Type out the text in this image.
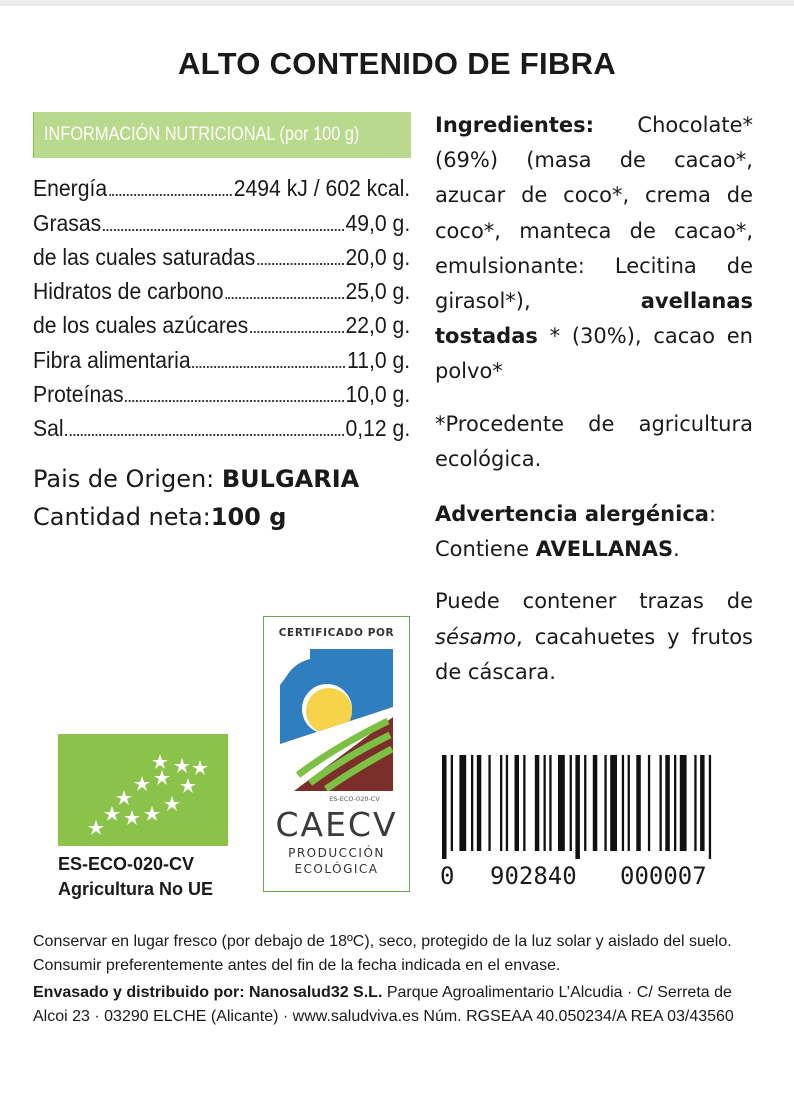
ALTO CONTENIDO DE FIBRA
INFORMACIÓN NUTRICIONAL (por 100 g)
Energía	2494 kJ / 602 kcal.
Grasas	49,0 g.
de las cuales saturadas	20,0 g.
Hidratos de carbono	25,0 g.
de los cuales azúcares	22,0 g.
Fibra alimentaria	11,0 g.
Proteínas	10,0 g.
Sal	0,12 g.
Pais de Origen: BULGARIA
Cantidad neta:100 g

Ingredientes: Chocolate* (69%) (masa de cacao*, azucar de coco*, crema de coco*, manteca de cacao*, emulsionante: Lecitina de girasol*), avellanas tostadas * (30%), cacao en polvo*

*Procedente de agricultura ecológica.

Advertencia alergénica:
Contiene AVELLANAS.

Puede contener trazas de sésamo, cacahuetes y frutos de cáscara.

ES-ECO-020-CV
Agricultura No UE
CERTIFICADO POR
ES-ECO-020-CV
CAECV
PRODUCCIÓN
ECOLÓGICA	0 902840 000007

Conservar en lugar fresco (por debajo de 18ºC), seco, protegido de la luz solar y aislado del suelo. Consumir preferentemente antes del fin de la fecha indicada en el envase.

Envasado y distribuido por: Nanosalud32 S.L. Parque Agroalimentario L’Alcudia · C/ Serreta de Alcoi 23 · 03290 ELCHE (Alicante) · www.saludviva.es Núm. RGSEAA 40.050234/A REA 03/43560
